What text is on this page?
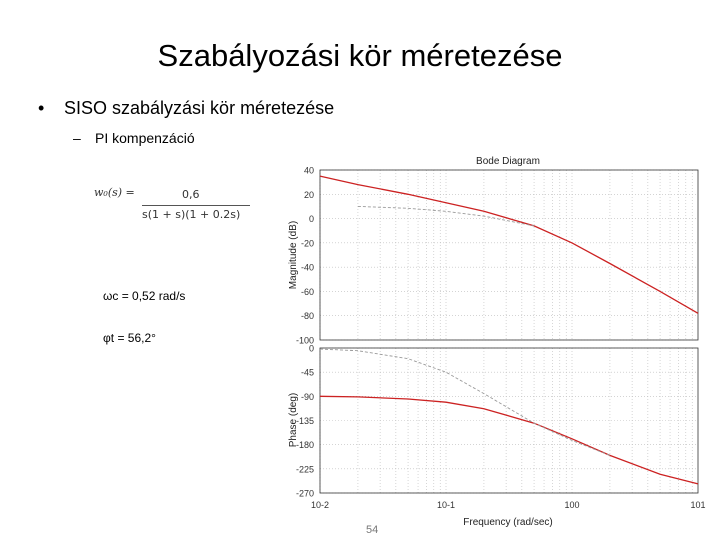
Szabályozási kör méretezése
• SISO szabályzási kör méretezése
– PI kompenzáció
w₀(s) =	0,6
s(1 + s)(1 + 0.2s)
ωc = 0,52 rad/s
φt = 56,2°
Bode Diagram
Frequency (rad/sec)
Magnitude (dB)
Phase (deg)
40
20
0
-20
-40
-60
-80
-100
0
-45
-90
-135
-180
-225
-270
10-2	10-1	100	101
54
